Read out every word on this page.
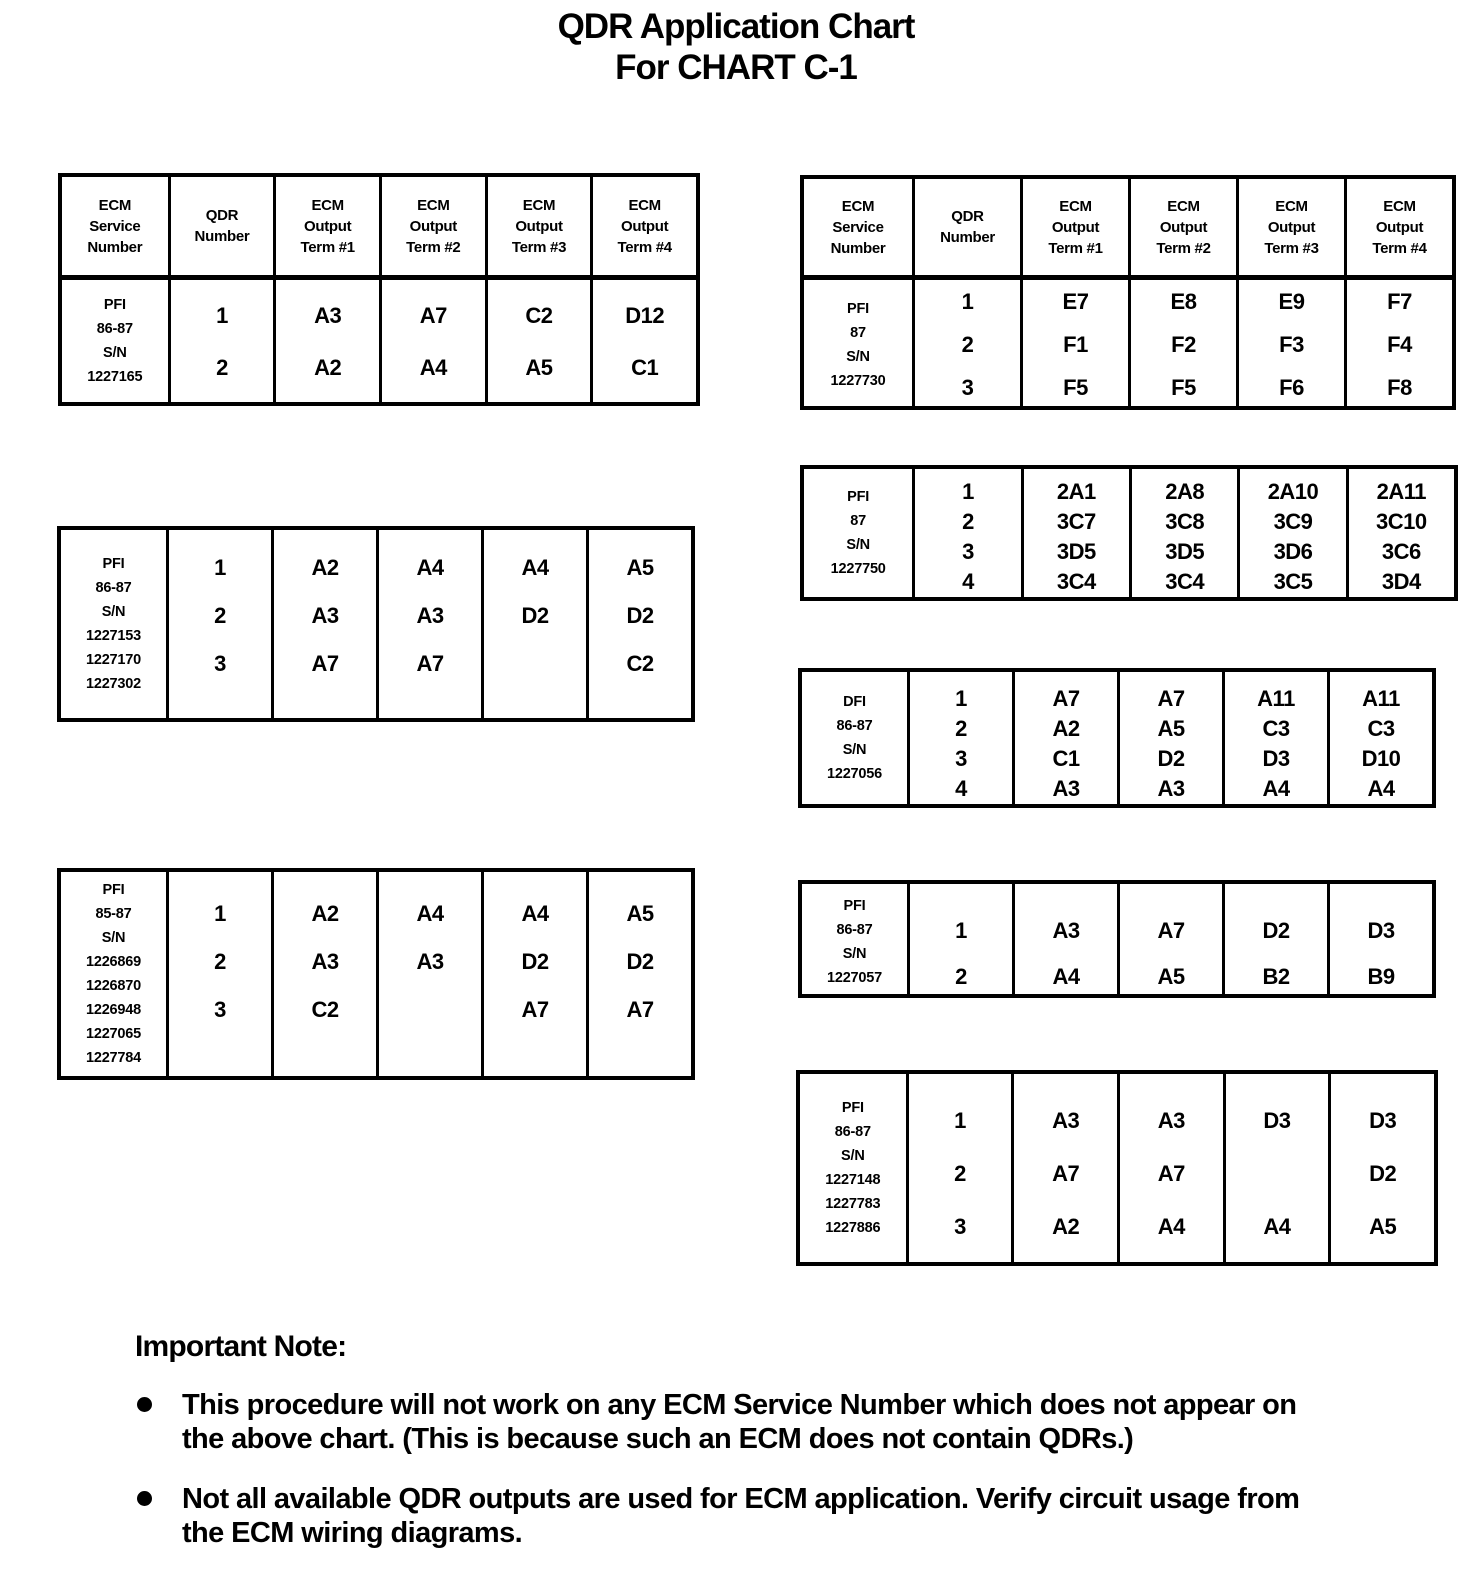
QDR Application Chart
For CHART C-1
ECM
Service
Number
QDR
Number
ECM
Output
Term #1
ECM
Output
Term #2
ECM
Output
Term #3
ECM
Output
Term #4
PFI
86-87
S/N
1227165
1
2
A3
A2
A7
A4
C2
A5
D12
C1
PFI
86-87
S/N
1227153
1227170
1227302
1
2
3
A2
A3
A7
A4
A3
A7
A4
D2
A5
D2
C2
PFI
85-87
S/N
1226869
1226870
1226948
1227065
1227784
1
2
3
A2
A3
C2
A4
A3
A4
D2
A7
A5
D2
A7
ECM
Service
Number
QDR
Number
ECM
Output
Term #1
ECM
Output
Term #2
ECM
Output
Term #3
ECM
Output
Term #4
PFI
87
S/N
1227730
1
2
3
E7
F1
F5
E8
F2
F5
E9
F3
F6
F7
F4
F8
PFI
87
S/N
1227750
1
2
3
4
2A1
3C7
3D5
3C4
2A8
3C8
3D5
3C4
2A10
3C9
3D6
3C5
2A11
3C10
3C6
3D4
DFI
86-87
S/N
1227056
1
2
3
4
A7
A2
C1
A3
A7
A5
D2
A3
A11
C3
D3
A4
A11
C3
D10
A4
PFI
86-87
S/N
1227057
1
2
A3
A4
A7
A5
D2
B2
D3
B9
PFI
86-87
S/N
1227148
1227783
1227886
1
2
3
A3
A7
A2
A3
A7
A4
D3
A4
D3
D2
A5
Important Note:
This procedure will not work on any ECM Service Number which does not appear on the above chart. (This is because such an ECM does not contain QDRs.)
Not all available QDR outputs are used for ECM application. Verify circuit usage from the ECM wiring diagrams.
